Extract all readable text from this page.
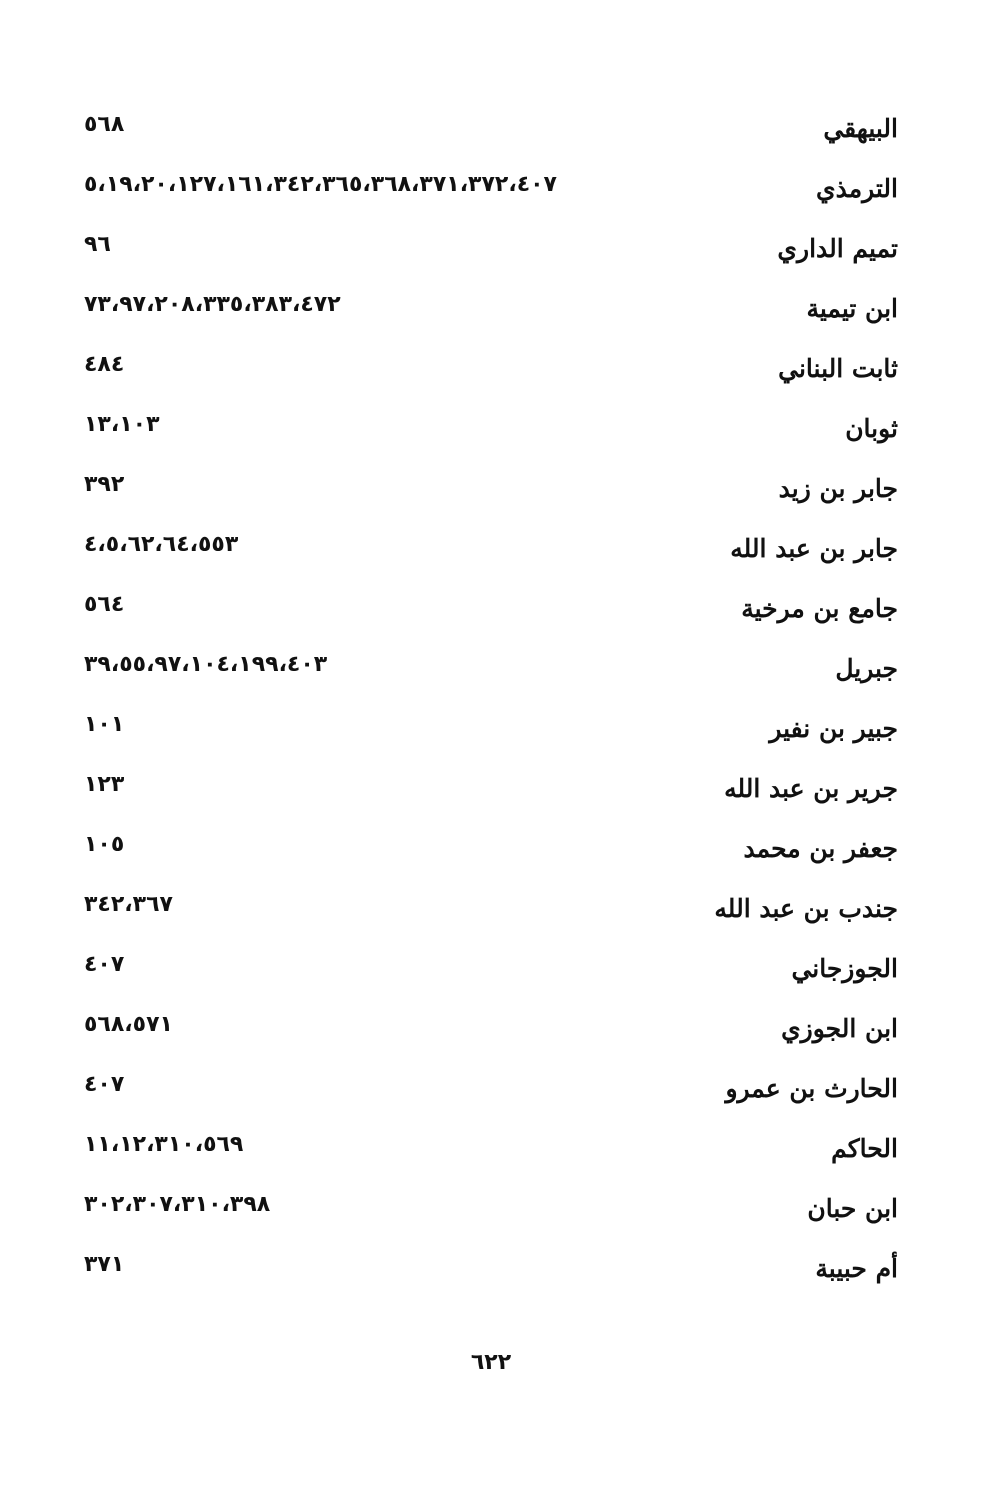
البيهقي
٥٦٨
الترمذي
٥،١٩،٢٠،١٢٧،١٦١،٣٤٢،٣٦٥،٣٦٨،٣٧١،٣٧٢،٤٠٧
تميم الداري
٩٦
ابن تيمية
٧٣،٩٧،٢٠٨،٣٣٥،٣٨٣،٤٧٢
ثابت البناني
٤٨٤
ثوبان
١٣،١٠٣
جابر بن زيد
٣٩٢
جابر بن عبد الله
٤،٥،٦٢،٦٤،٥٥٣
جامع بن مرخية
٥٦٤
جبريل
٣٩،٥٥،٩٧،١٠٤،١٩٩،٤٠٣
جبير بن نفير
١٠١
جرير بن عبد الله
١٢٣
جعفر بن محمد
١٠٥
جندب بن عبد الله
٣٤٢،٣٦٧
الجوزجاني
٤٠٧
ابن الجوزي
٥٦٨،٥٧١
الحارث بن عمرو
٤٠٧
الحاكم
١١،١٢،٣١٠،٥٦٩
ابن حبان
٣٠٢،٣٠٧،٣١٠،٣٩٨
أم حبيبة
٣٧١
٦٢٢
